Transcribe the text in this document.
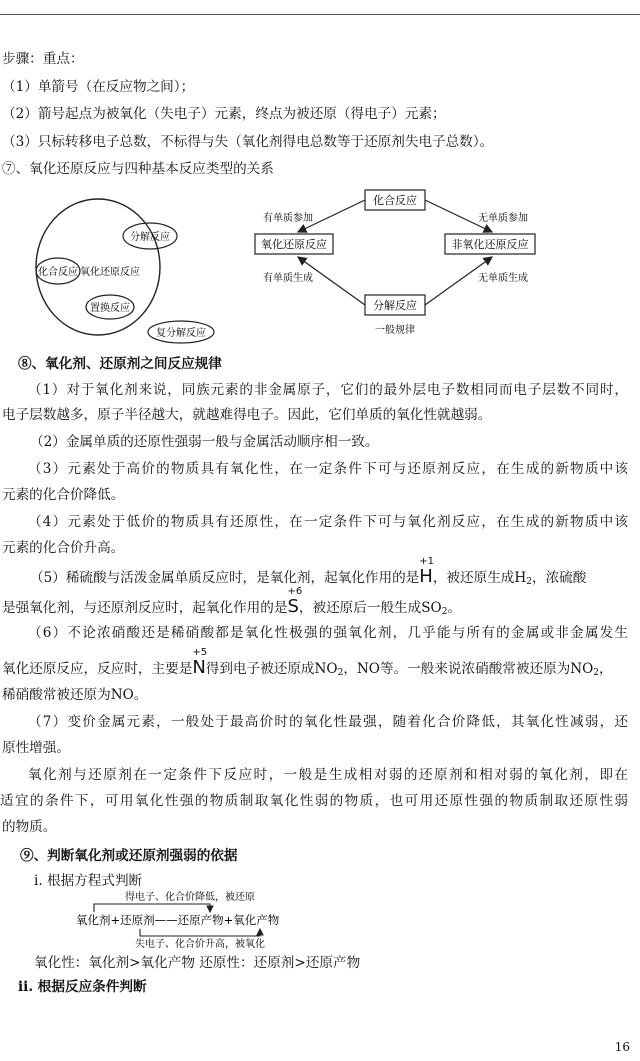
步骤：重点：
（1）单箭号（在反应物之间）；
（2）箭号起点为被氧化（失电子）元素，终点为被还原（得电子）元素；
（3）只标转移电子总数，不标得与失（氧化剂得电总数等于还原剂失电子总数）。
⑦、氧化还原反应与四种基本反应类型的关系
分解反应
化合反应 氧化还原反应
置换反应
复分解反应
化合反应
氧化还原反应	非氧化还原反应
分解反应
有单质参加	无单质参加
有单质生成	无单质生成
一般规律
⑧、氧化剂、还原剂之间反应规律
（1）对于氧化剂来说，同族元素的非金属原子，它们的最外层电子数相同而电子层数不同时，
电子层数越多，原子半径越大，就越难得电子。因此，它们单质的氧化性就越弱。
（2）金属单质的还原性强弱一般与金属活动顺序相一致。
（3）元素处于高价的物质具有氧化性，在一定条件下可与还原剂反应，在生成的新物质中该
元素的化合价降低。
（4）元素处于低价的物质具有还原性，在一定条件下可与氧化剂反应，在生成的新物质中该
元素的化合价升高。
（5）稀硫酸与活泼金属单质反应时，是氧化剂，起氧化作用的是
+1
H，被还原生成$H_2$，浓硫酸
是强氧化剂，与还原剂反应时，起氧化作用的是
+6
S，被还原后一般生成$SO_2$。
（6）不论浓硝酸还是稀硝酸都是氧化性极强的强氧化剂，几乎能与所有的金属或非金属发生
氧化还原反应，反应时，主要是
+5
N得到电子被还原成$NO_2$，NO等。一般来说浓硝酸常被还原为$NO_2$，
稀硝酸常被还原为NO。
（7）变价金属元素，一般处于最高价时的氧化性最强，随着化合价降低，其氧化性减弱，还
原性增强。
氧化剂与还原剂在一定条件下反应时，一般是生成相对弱的还原剂和相对弱的氧化剂，即在
适宜的条件下，可用氧化性强的物质制取氧化性弱的物质，也可用还原性强的物质制取还原性弱
的物质。
⑨、判断氧化剂或还原剂强弱的依据
i. 根据方程式判断
得电子、化合价降低，被还原
氧化剂+还原剂——还原产物+氧化产物
失电子、化合价升高，被氧化
氧化性：氧化剂>氧化产物 还原性：还原剂>还原产物
ii. 根据反应条件判断
16
